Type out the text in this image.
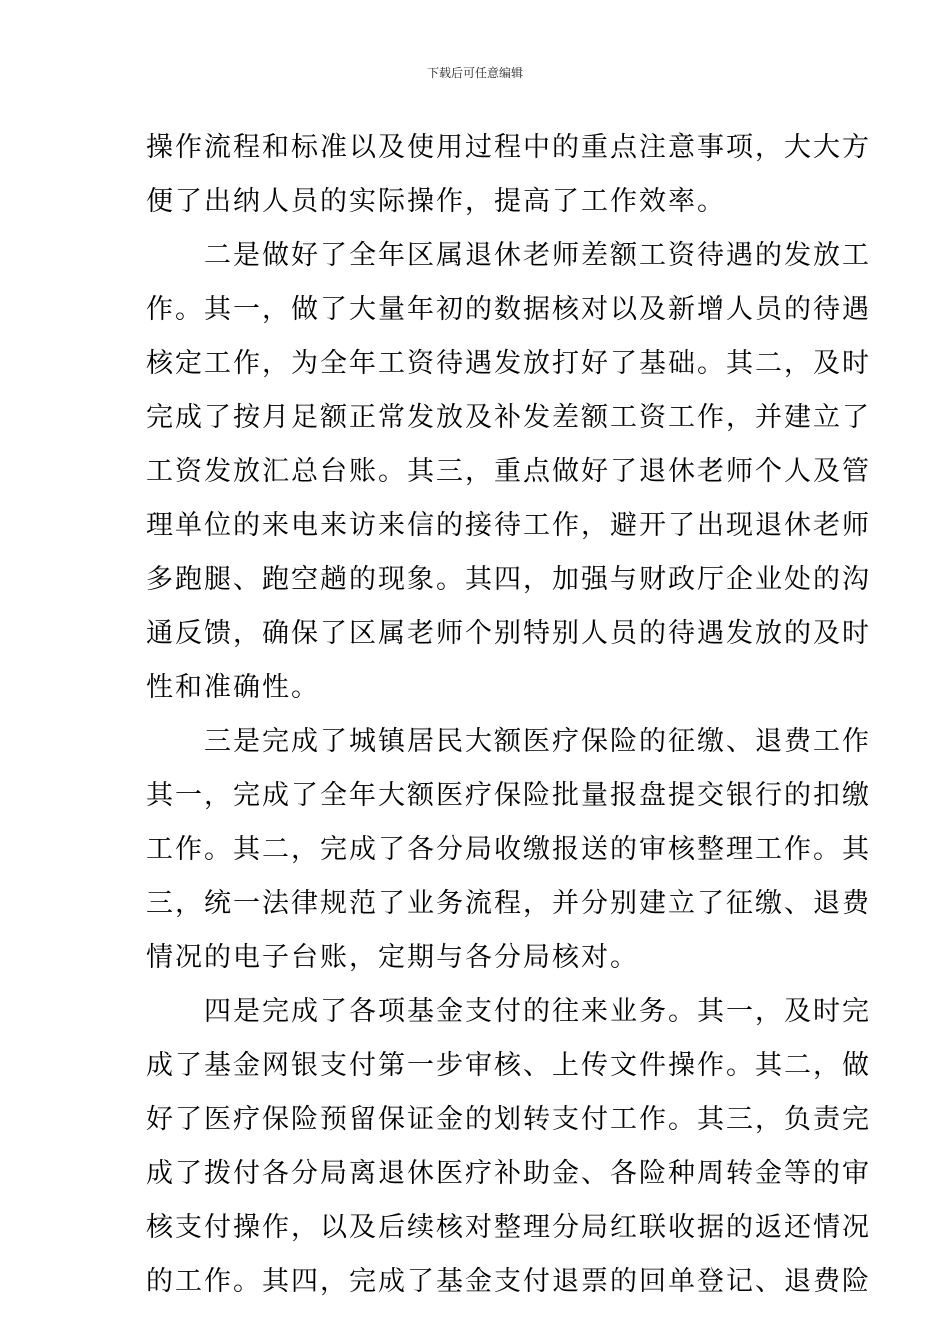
下载后可任意编辑
操作流程和标准以及使用过程中的重点注意事项，大大方
便了出纳人员的实际操作，提高了工作效率。
　　二是做好了全年区属退休老师差额工资待遇的发放工
作。其一，做了大量年初的数据核对以及新增人员的待遇
核定工作，为全年工资待遇发放打好了基础。其二，及时
完成了按月足额正常发放及补发差额工资工作，并建立了
工资发放汇总台账。其三，重点做好了退休老师个人及管
理单位的来电来访来信的接待工作，避开了出现退休老师
多跑腿、跑空趟的现象。其四，加强与财政厅企业处的沟
通反馈，确保了区属老师个别特别人员的待遇发放的及时
性和准确性。
　　三是完成了城镇居民大额医疗保险的征缴、退费工作
其一，完成了全年大额医疗保险批量报盘提交银行的扣缴
工作。其二，完成了各分局收缴报送的审核整理工作。其
三，统一法律规范了业务流程，并分别建立了征缴、退费
情况的电子台账，定期与各分局核对。
　　四是完成了各项基金支付的往来业务。其一，及时完
成了基金网银支付第一步审核、上传文件操作。其二，做
好了医疗保险预留保证金的划转支付工作。其三，负责完
成了拨付各分局离退休医疗补助金、各险种周转金等的审
核支付操作，以及后续核对整理分局红联收据的返还情况
的工作。其四，完成了基金支付退票的回单登记、退费险
